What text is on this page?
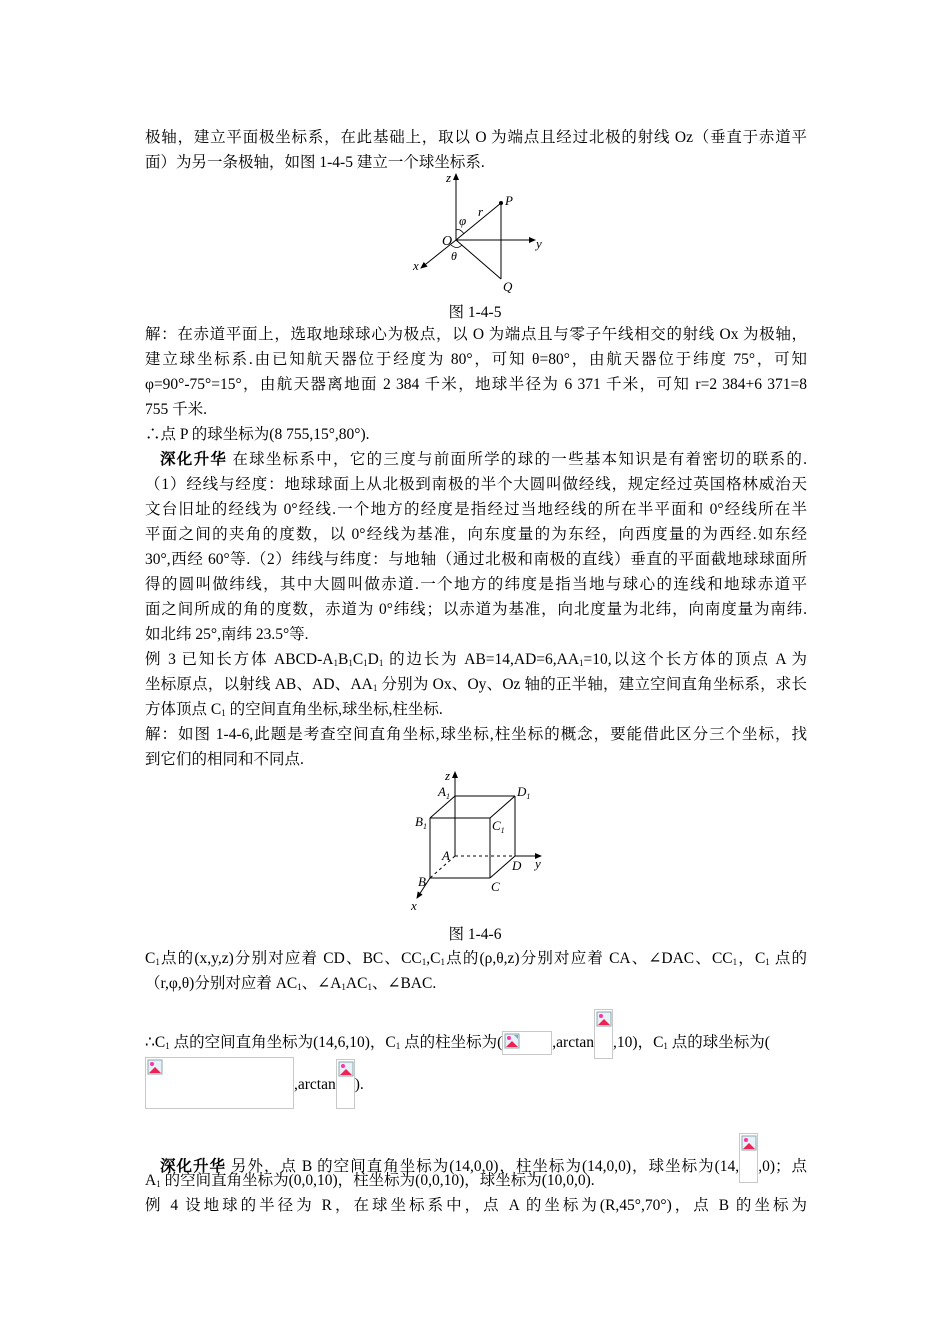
极轴，建立平面极坐标系，在此基础上，取以 O 为端点且经过北极的射线 Oz（垂直于赤道平
面）为另一条极轴，如图 1-4-5 建立一个球坐标系.
z
y
x
O
P
Q
r
φ
θ
图 1-4-5
解：在赤道平面上，选取地球球心为极点，以 O 为端点且与零子午线相交的射线 Ox 为极轴，
建立球坐标系.由已知航天器位于经度为 80°，可知 θ=80°，由航天器位于纬度 75°，可知
φ=90°-75°=15°，由航天器离地面 2 384 千米，地球半径为 6 371 千米，可知 r=2 384+6 371=8
755 千米.
∴点 P 的球坐标为(8 755,15°,80°).
深化升华 在球坐标系中，它的三度与前面所学的球的一些基本知识是有着密切的联系的.
（1）经线与经度：地球球面上从北极到南极的半个大圆叫做经线，规定经过英国格林威治天
文台旧址的经线为 0°经线.一个地方的经度是指经过当地经线的所在半平面和 0°经线所在半
平面之间的夹角的度数，以 0°经线为基准，向东度量的为东经，向西度量的为西经.如东经
30°,西经 60°等.（2）纬线与纬度：与地轴（通过北极和南极的直线）垂直的平面截地球球面所
得的圆叫做纬线，其中大圆叫做赤道.一个地方的纬度是指当地与球心的连线和地球赤道平
面之间所成的角的度数，赤道为 0°纬线；以赤道为基准，向北度量为北纬，向南度量为南纬.
如北纬 25°,南纬 23.5°等.
例 3 已知长方体 ABCD-$A_1B_1C_1D_1$ 的边长为 $AB=14,AD=6,AA_1=10$,以这个长方体的顶点 A 为
坐标原点，以射线 AB、AD、$AA_1$ 分别为 Ox、Oy、Oz 轴的正半轴，建立空间直角坐标系，求长
方体顶点 $C_1$ 的空间直角坐标,球坐标,柱坐标.
解：如图 1-4-6,此题是考查空间直角坐标,球坐标,柱坐标的概念，要能借此区分三个坐标，找
到它们的相同和不同点.
z
y
x
$A_1$	$D_1$
$B_1$	$C_1$
A
D
B	C
图 1-4-6
$C_1$点的(x,y,z)分别对应着 CD、BC、$CC_1,C_1$点的(ρ,θ,z)分别对应着 CA、∠DAC、$CC_1$，$C_1$ 点的
（r,φ,θ)分别对应着 $AC_1$、$\angle A_1AC_1$、∠BAC.
$\therefore C_1$ 点的空间直角坐标为(14,6,10)，$C_1$ 点的柱坐标为(	,arctan ,10)，$C_1$ 点的球坐标为(
,arctan ).
深化升华 另外，点 B 的空间直角坐标为(14,0,0)，柱坐标为(14,0,0)，球坐标为(14, ,0)；点
$A_1$ 的空间直角坐标为(0,0,10)，柱坐标为(0,0,10)，球坐标为(10,0,0).
例 4 设地球的半径为 R，在球坐标系中，点 A 的坐标为(R,45°,70°)，点 B 的坐标为
